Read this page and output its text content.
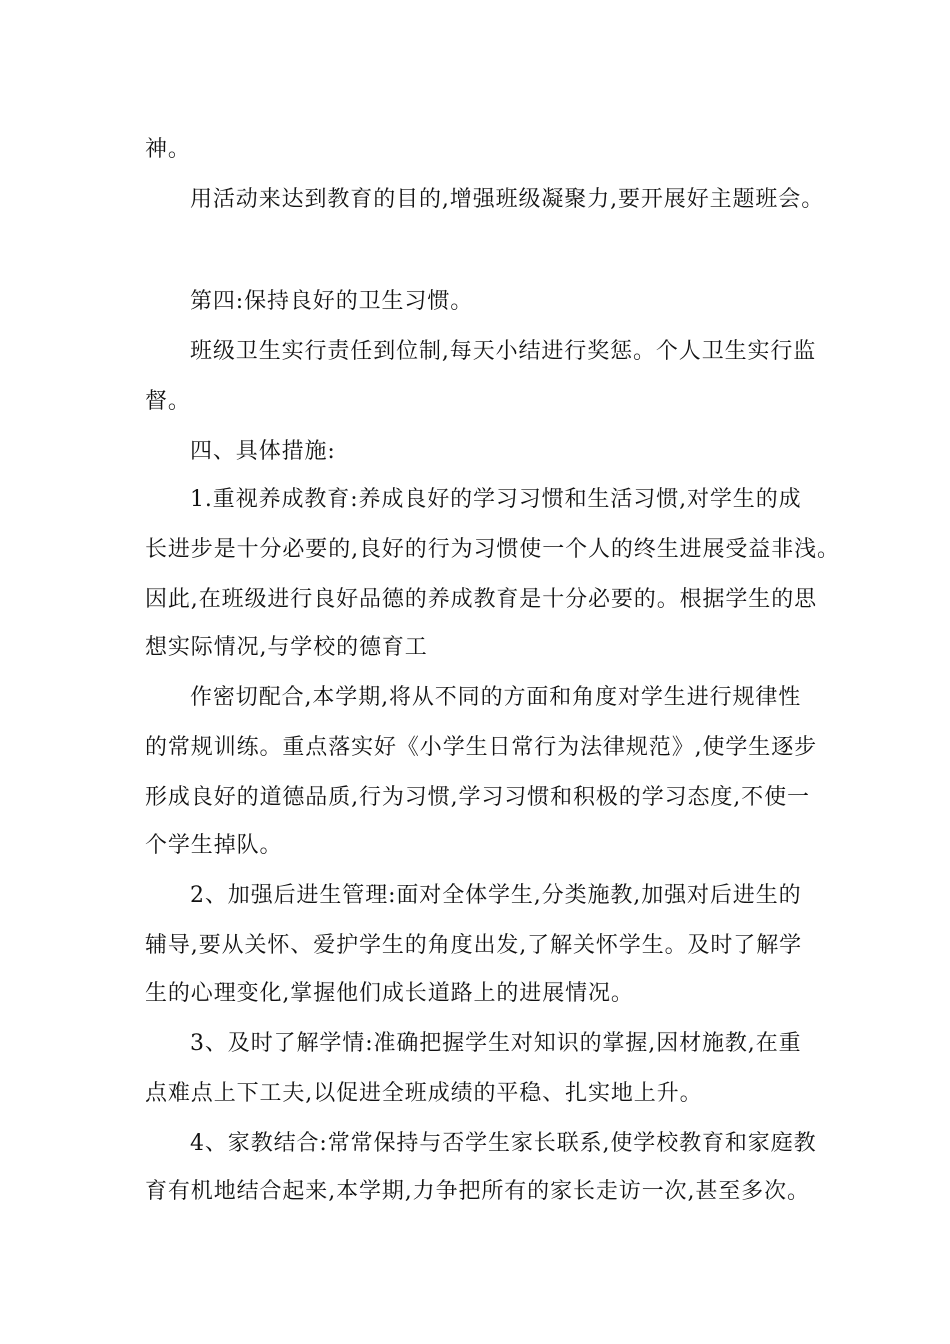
神。
用活动来达到教育的目的,增强班级凝聚力,要开展好主题班会。
第四:保持良好的卫生习惯。
班级卫生实行责任到位制,每天小结进行奖惩。个人卫生实行监
督。
四、具体措施:
1.重视养成教育:养成良好的学习习惯和生活习惯,对学生的成
长进步是十分必要的,良好的行为习惯使一个人的终生进展受益非浅。
因此,在班级进行良好品德的养成教育是十分必要的。根据学生的思
想实际情况,与学校的德育工
作密切配合,本学期,将从不同的方面和角度对学生进行规律性
的常规训练。重点落实好《小学生日常行为法律规范》,使学生逐步
形成良好的道德品质,行为习惯,学习习惯和积极的学习态度,不使一
个学生掉队。
2、加强后进生管理:面对全体学生,分类施教,加强对后进生的
辅导,要从关怀、爱护学生的角度出发,了解关怀学生。及时了解学
生的心理变化,掌握他们成长道路上的进展情况。
3、及时了解学情:准确把握学生对知识的掌握,因材施教,在重
点难点上下工夫,以促进全班成绩的平稳、扎实地上升。
4、家教结合:常常保持与否学生家长联系,使学校教育和家庭教
育有机地结合起来,本学期,力争把所有的家长走访一次,甚至多次。
